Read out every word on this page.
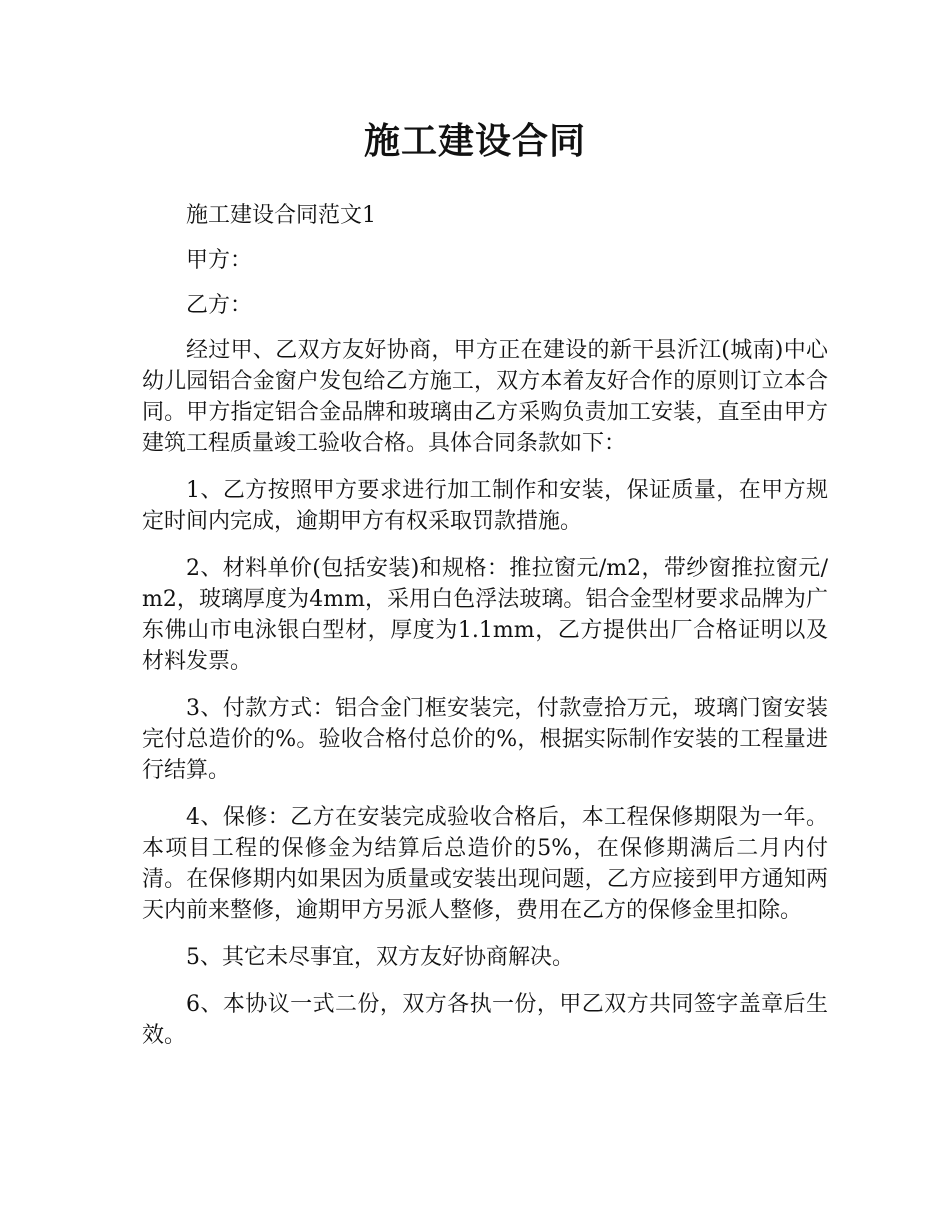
施工建设合同

施工建设合同范文1

甲方：

乙方：

经过甲、乙双方友好协商，甲方正在建设的新干县沂江(城南)中心幼儿园铝合金窗户发包给乙方施工，双方本着友好合作的原则订立本合同。甲方指定铝合金品牌和玻璃由乙方采购负责加工安装，直至由甲方建筑工程质量竣工验收合格。具体合同条款如下：

1、乙方按照甲方要求进行加工制作和安装，保证质量，在甲方规定时间内完成，逾期甲方有权采取罚款措施。

2、材料单价(包括安装)和规格：推拉窗元/m2，带纱窗推拉窗元/m2，玻璃厚度为4mm，采用白色浮法玻璃。铝合金型材要求品牌为广东佛山市电泳银白型材，厚度为1.1mm，乙方提供出厂合格证明以及材料发票。

3、付款方式：铝合金门框安装完，付款壹拾万元，玻璃门窗安装完付总造价的%。验收合格付总价的%，根据实际制作安装的工程量进行结算。

4、保修：乙方在安装完成验收合格后，本工程保修期限为一年。本项目工程的保修金为结算后总造价的5%，在保修期满后二月内付清。在保修期内如果因为质量或安装出现问题，乙方应接到甲方通知两天内前来整修，逾期甲方另派人整修，费用在乙方的保修金里扣除。

5、其它未尽事宜，双方友好协商解决。

6、本协议一式二份，双方各执一份，甲乙双方共同签字盖章后生效。
